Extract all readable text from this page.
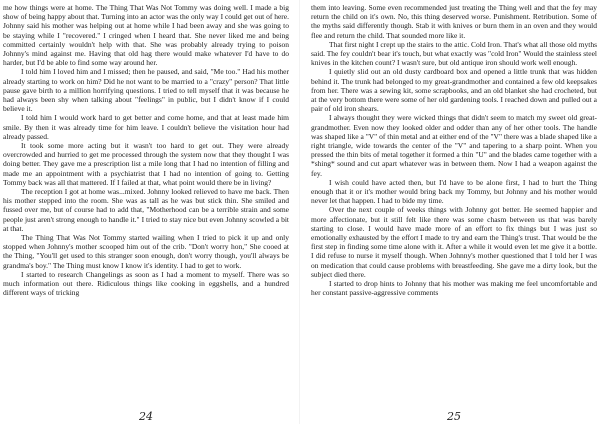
me how things were at home. The Thing That Was Not Tommy was doing well. I made a big show of being happy about that. Turning into an actor was the only way I could get out of here. Johnny said his mother was helping out at home while I had been away and she was going to be staying while I "recovered." I cringed when I heard that. She never liked me and being committed certainly wouldn't help with that. She was probably already trying to poison Johnny's mind against me. Having that old hag there would make whatever I'd have to do harder, but I'd be able to find some way around her.

I told him I loved him and I missed; then he paused, and said, "Me too." Had his mother already starting to work on him? Did he not want to be married to a "crazy" person? That little pause gave birth to a million horrifying questions. I tried to tell myself that it was because he had always been shy when talking about "feelings" in public, but I didn't know if I could believe it.

I told him I would work hard to get better and come home, and that at least made him smile. By then it was already time for him leave. I couldn't believe the visitation hour had already passed.

It took some more acting but it wasn't too hard to get out. They were already overcrowded and hurried to get me processed through the system now that they thought I was doing better. They gave me a prescription list a mile long that I had no intention of filling and made me an appointment with a psychiatrist that I had no intention of going to. Getting Tommy back was all that mattered. If I failed at that, what point would there be in living?

The reception I got at home was...mixed. Johnny looked relieved to have me back. Then his mother stepped into the room. She was as tall as he was but stick thin. She smiled and fussed over me, but of course had to add that, "Motherhood can be a terrible strain and some people just aren't strong enough to handle it." I tried to stay nice but even Johnny scowled a bit at that.

The Thing That Was Not Tommy started wailing when I tried to pick it up and only stopped when Johnny's mother scooped him out of the crib. "Don't worry hon," She cooed at the Thing, "You'll get used to this stranger soon enough, don't worry though, you'll always be grandma's boy." The Thing must know I know it's identity. I had to get to work.

I started to research Changelings as soon as I had a moment to myself. There was so much information out there. Ridiculous things like cooking in eggshells, and a hundred different ways of tricking

24

them into leaving. Some even recommended just treating the Thing well and that the fey may return the child on it's own. No, this thing deserved worse. Punishment. Retribution. Some of the myths said differently though. Stab it with knives or burn them in an oven and they would flee and return the child. That sounded more like it.

That first night I crept up the stairs to the attic. Cold Iron. That's what all those old myths said. The fey couldn't bear it's touch, but what exactly was "cold Iron" Would the stainless steel knives in the kitchen count? I wasn't sure, but old antique iron should work well enough.

I quietly slid out an old dusty cardboard box and opened a little trunk that was hidden behind it. The trunk had belonged to my great-grandmother and contained a few old keepsakes from her. There was a sewing kit, some scrapbooks, and an old blanket she had crocheted, but at the very bottom there were some of her old gardening tools. I reached down and pulled out a pair of old iron shears.

I always thought they were wicked things that didn't seem to match my sweet old great-grandmother. Even now they looked older and odder than any of her other tools. The handle was shaped like a "V" of thin metal and at either end of the "V" there was a blade shaped like a right triangle, wide towards the center of the "V" and tapering to a sharp point. When you pressed the thin bits of metal together it formed a thin "U" and the blades came together with a *shing* sound and cut apart whatever was in between them. Now I had a weapon against the fey.

I wish could have acted then, but I'd have to be alone first, I had to hurt the Thing enough that it or it's mother would bring back my Tommy, but Johnny and his mother would never let that happen. I had to bide my time.

Over the next couple of weeks things with Johnny got better. He seemed happier and more affectionate, but it still felt like there was some chasm between us that was barely starting to close. I would have made more of an effort to fix things but I was just so emotionally exhausted by the effort I made to try and earn the Thing's trust. That would be the first step in finding some time alone with it. After a while it would even let me give it a bottle. I did refuse to nurse it myself though. When Johnny's mother questioned that I told her I was on medication that could cause problems with breastfeeding. She gave me a dirty look, but the subject died there.

I started to drop hints to Johnny that his mother was making me feel uncomfortable and her constant passive-aggressive comments

25
